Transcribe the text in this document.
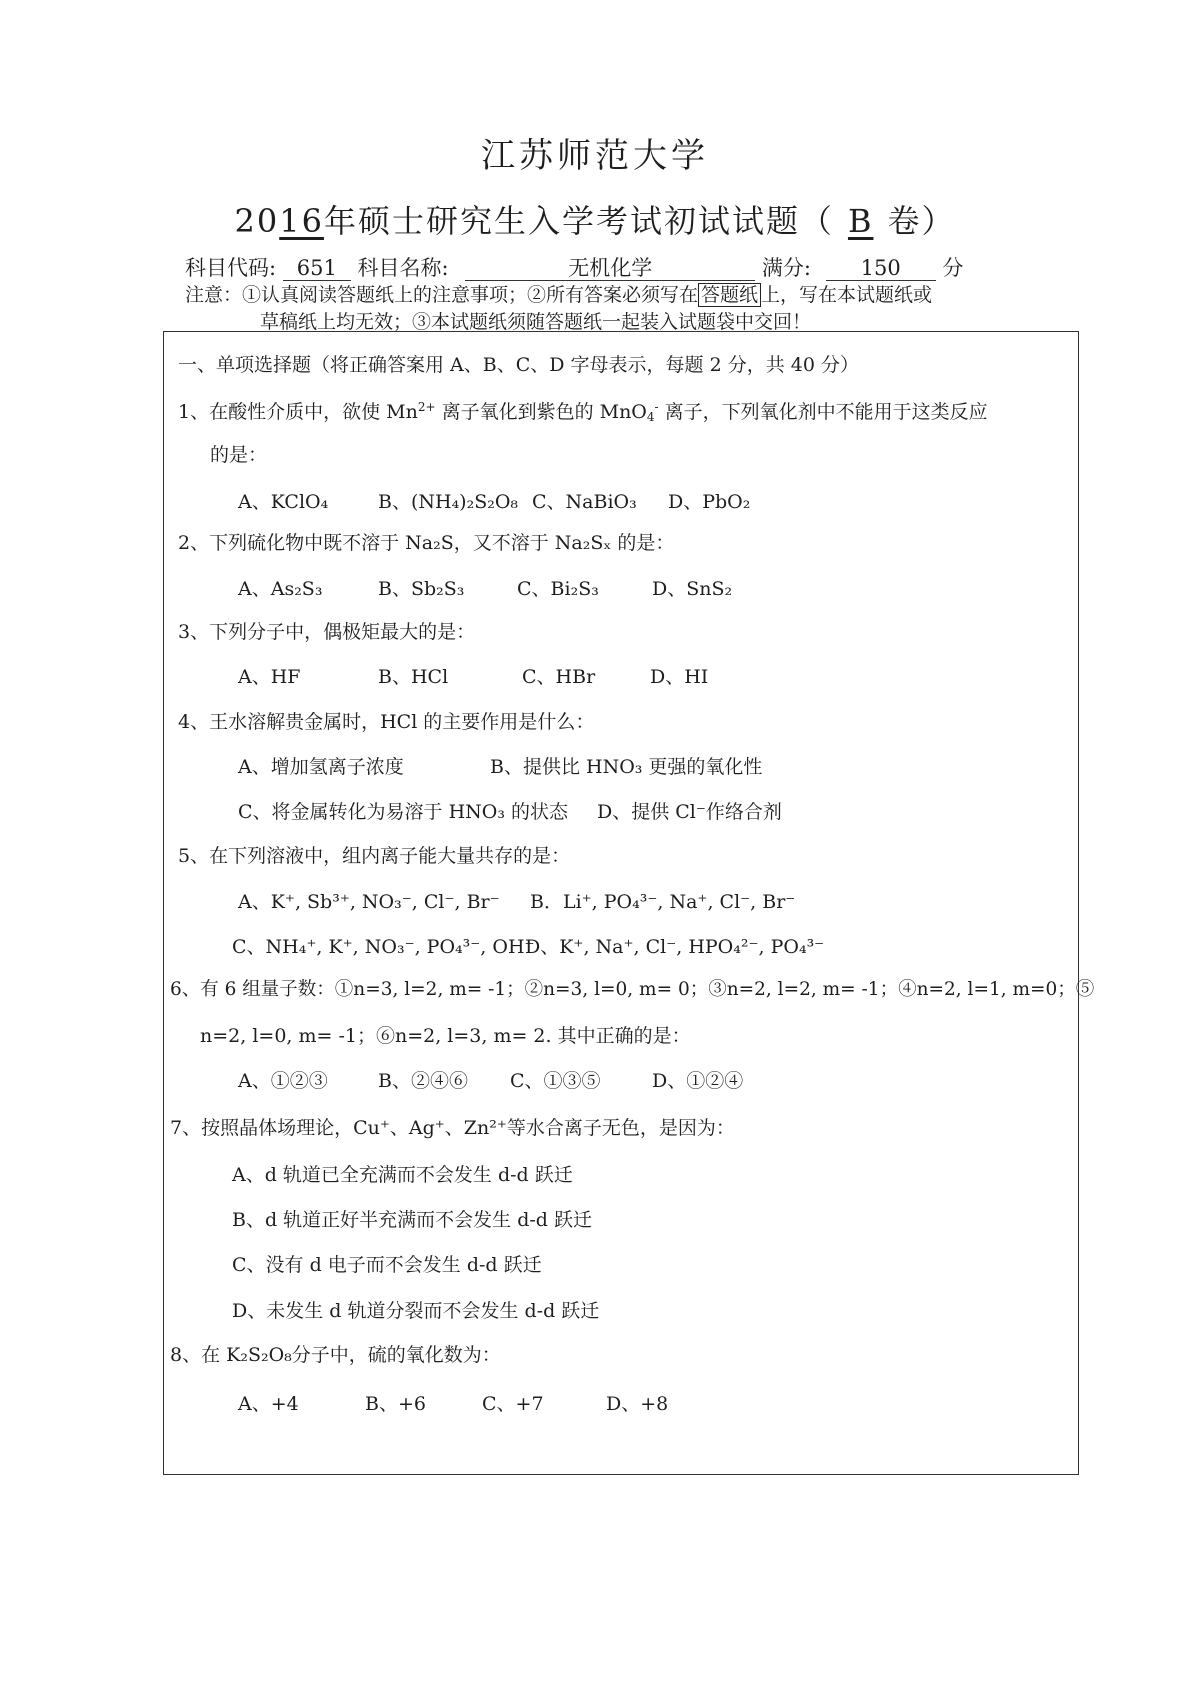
江苏师范大学
2016年硕士研究生入学考试初试试题（ B 卷）
科目代码: 651 科目名称:	无机化学	满分: 150 分
注意：①认真阅读答题纸上的注意事项；②所有答案必须写在 答题纸 上，写在本试题纸或
草稿纸上均无效；③本试题纸须随答题纸一起装入试题袋中交回！
一、单项选择题（将正确答案用 A、B、C、D 字母表示，每题 2 分，共 40 分）
1、在酸性介质中，欲使 $Mn^{2+}$ 离子氧化到紫色的 MnO$_4$- 离子，下列氧化剂中不能用于这类反应
的是：
A、KClO₄	B、(NH₄)₂S₂O₈ C、NaBiO₃ D、PbO₂
2、下列硫化物中既不溶于 Na₂S，又不溶于 Na₂Sₓ 的是：
A、As₂S₃	B、Sb₂S₃	C、Bi₂S₃	D、SnS₂
3、下列分子中，偶极矩最大的是：
A、HF	B、HCl	C、HBr	D、HI
4、王水溶解贵金属时，HCl 的主要作用是什么：
A、增加氢离子浓度	B、提供比 HNO₃ 更强的氧化性
C、将金属转化为易溶于 HNO₃ 的状态 D、提供 Cl⁻作络合剂
5、在下列溶液中，组内离子能大量共存的是：
A、K⁺, Sb³⁺, NO₃⁻, Cl⁻, Br⁻ B．Li⁺, PO₄³⁻, Na⁺, Cl⁻, Br⁻
C、NH₄⁺, K⁺, NO₃⁻, PO₄³⁻, OH⁻
D、K⁺, Na⁺, Cl⁻, HPO₄²⁻, PO₄³⁻
6、有 6 组量子数：①n=3, l=2, m= -1；②n=3, l=0, m= 0；③n=2, l=2, m= -1；④n=2, l=1, m=0；⑤
n=2, l=0, m= -1；⑥n=2, l=3, m= 2. 其中正确的是：
A、①②③	B、②④⑥ C、①③⑤	D、①②④
7、按照晶体场理论，Cu⁺、Ag⁺、Zn²⁺等水合离子无色，是因为：
A、d 轨道已全充满而不会发生 d-d 跃迁
B、d 轨道正好半充满而不会发生 d-d 跃迁
C、没有 d 电子而不会发生 d-d 跃迁
D、未发生 d 轨道分裂而不会发生 d-d 跃迁
8、在 K₂S₂O₈分子中，硫的氧化数为：
A、+4	B、+6	C、+7	D、+8
